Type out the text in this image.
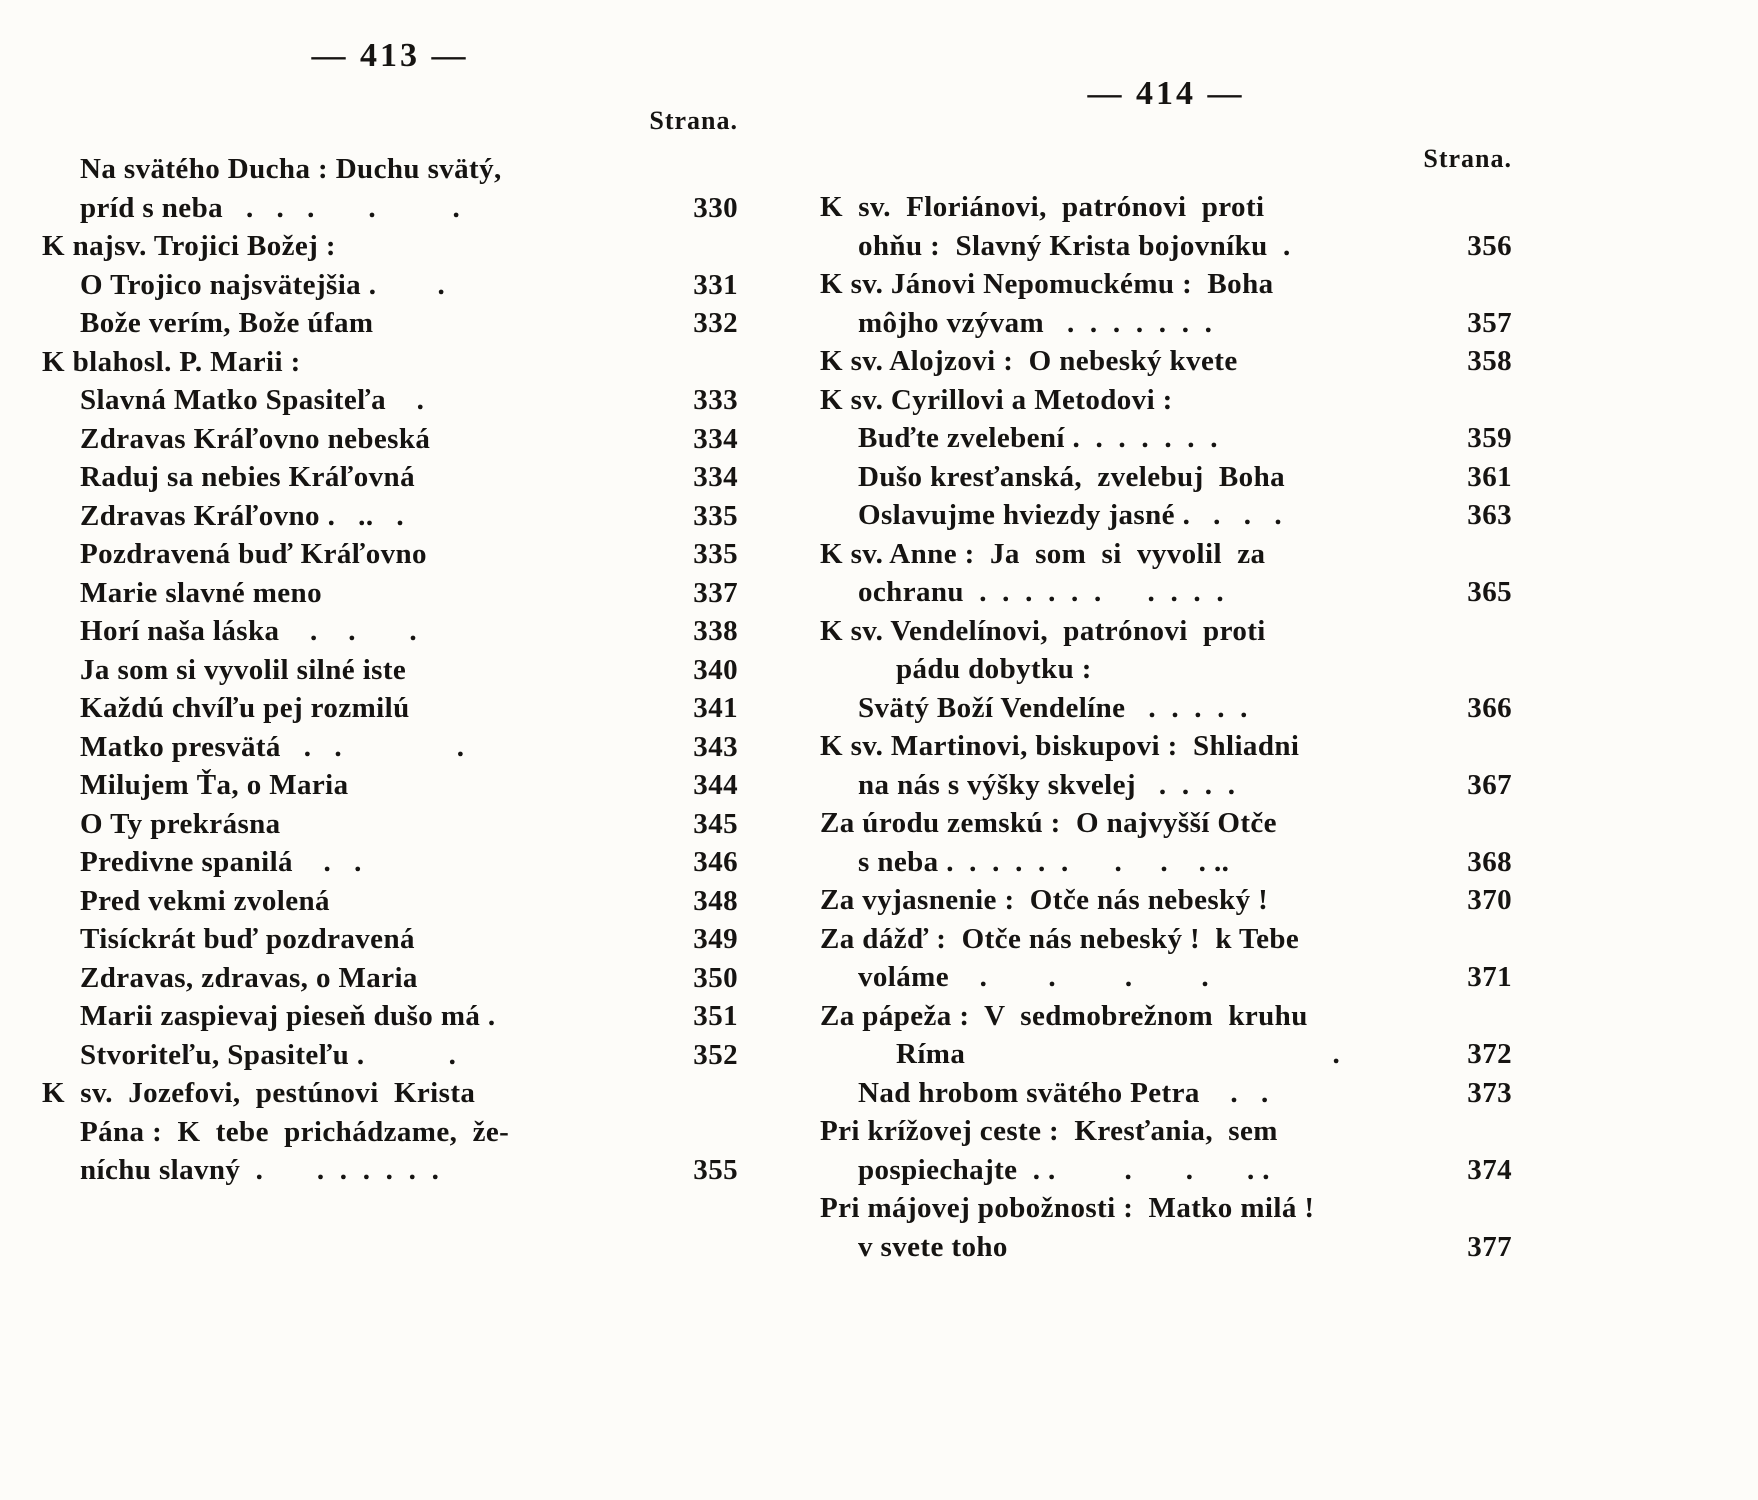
— 413 —
Strana.
Na svätého Ducha : Duchu svätý,
príd s neba   .   .   .       .          .	330
K najsv. Trojici Božej :
O Trojico najsvätejšia .        .	331
Bože verím, Bože úfam	332
K blahosl. P. Marii :
Slavná Matko Spasiteľa    .	333
Zdravas Kráľovno nebeská	334
Raduj sa nebies Kráľovná	334
Zdravas Kráľovno .   ..   .	335
Pozdravená buď Kráľovno	335
Marie slavné meno	337
Horí naša láska    .    .       .	338
Ja som si vyvolil silné iste	340
Každú chvíľu pej rozmilú	341
Matko presvätá   .   .               .	343
Milujem Ťa, o Maria	344
O Ty prekrásna	345
Predivne spanilá    .   .	346
Pred vekmi zvolená	348
Tisíckrát buď pozdravená	349
Zdravas, zdravas, o Maria	350
Marii zaspievaj pieseň dušo má .	351
Stvoriteľu, Spasiteľu .           .	352
K  sv.  Jozefovi,  pestúnovi  Krista
Pána :  K  tebe  prichádzame,  že-
níchu slavný  .       .  .  .  .  .  .	355
— 414 —
Strana.
K  sv.  Floriánovi,  patrónovi  proti
ohňu :  Slavný Krista bojovníku  .	356
K sv. Jánovi Nepomuckému :  Boha
môjho vzývam   .  .  .  .  .  .  .	357
K sv. Alojzovi :  O nebeský kvete	358
K sv. Cyrillovi a Metodovi :
Buďte zvelebení .  .  .  .  .  .  .	359
Dušo kresťanská,  zvelebuj  Boha	361
Oslavujme hviezdy jasné .   .   .   .	363
K sv. Anne :  Ja  som  si  vyvolil  za
ochranu  .  .  .  .  .  .      .  .  .  .	365
K sv. Vendelínovi,  patrónovi  proti
pádu dobytku :
Svätý Boží Vendelíne   .  .  .  .  .	366
K sv. Martinovi, biskupovi :  Shliadni
na nás s výšky skvelej   .  .  .  .	367
Za úrodu zemskú :  O najvyšší Otče
s neba .  .  .  .  .  .      .     .    . ..	368
Za vyjasnenie :  Otče nás nebeský !	370
Za dážď :  Otče nás nebeský !  k Tebe
voláme    .        .         .         .	371
Za pápeža :  V  sedmobrežnom  kruhu
Ríma                                                .	372
Nad hrobom svätého Petra    .   .	373
Pri krížovej ceste :  Kresťania,  sem
pospiechajte  . .         .       .       . .	374
Pri májovej pobožnosti :  Matko milá !
v svete toho	377
